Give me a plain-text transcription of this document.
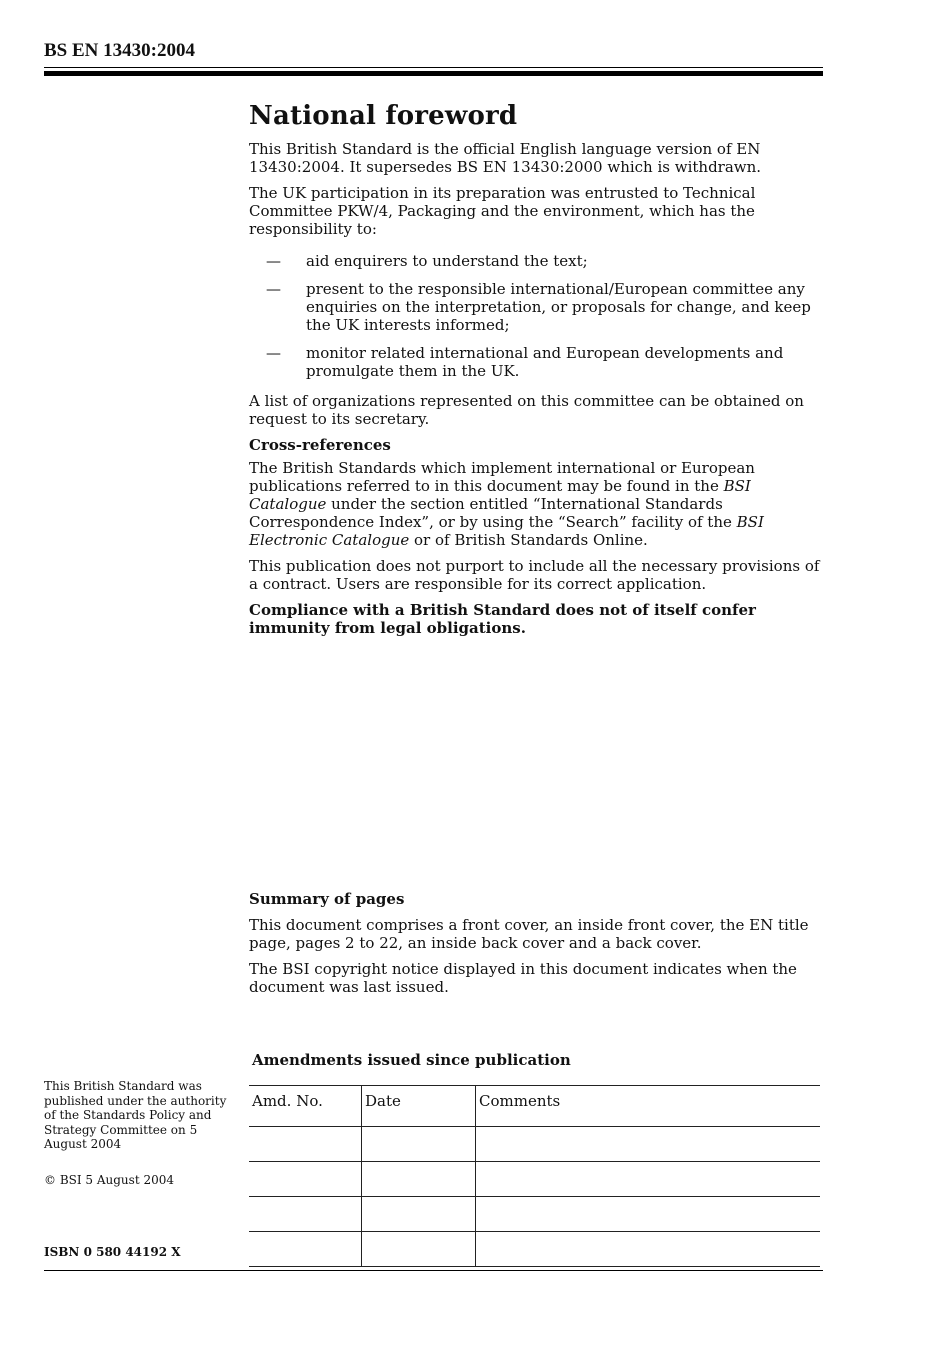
BS EN 13430:2004
National foreword

This British Standard is the official English language version of EN 13430:2004. It supersedes BS EN 13430:2000 which is withdrawn.

The UK participation in its preparation was entrusted to Technical Committee PKW/4, Packaging and the environment, which has the responsibility to:

—	aid enquirers to understand the text;
—	present to the responsible international/European committee any enquiries on the interpretation, or proposals for change, and keep the UK interests informed;
—	monitor related international and European developments and promulgate them in the UK.

A list of organizations represented on this committee can be obtained on request to its secretary.

Cross-references

The British Standards which implement international or European publications referred to in this document may be found in the BSI Catalogue under the section entitled “International Standards Correspondence Index”, or by using the “Search” facility of the BSI Electronic Catalogue or of British Standards Online.

This publication does not purport to include all the necessary provisions of a contract. Users are responsible for its correct application.

Compliance with a British Standard does not of itself confer immunity from legal obligations.

Summary of pages

This document comprises a front cover, an inside front cover, the EN title page, pages 2 to 22, an inside back cover and a back cover.

The BSI copyright notice displayed in this document indicates when the document was last issued.

Amendments issued since publication
Amd. No.	Date	Comments

This British Standard was published under the authority of the Standards Policy and Strategy Committee on 5 August 2004
© BSI 5 August 2004
ISBN 0 580 44192 X
